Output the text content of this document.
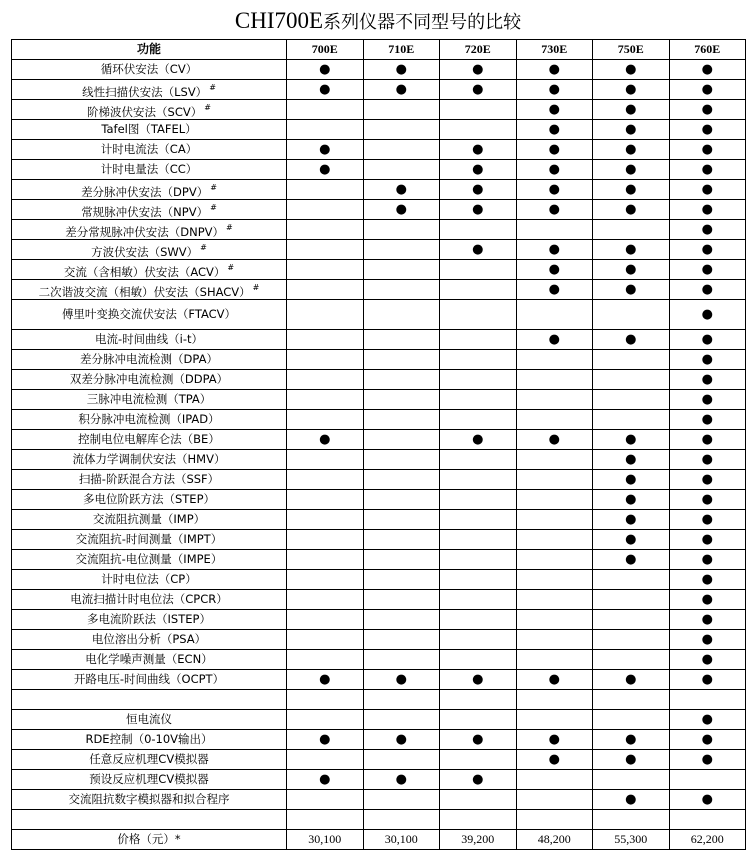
CHI700E系列仪器不同型号的比较
功能	700E	710E	720E	730E	750E	760E
循环伏安法（CV）	●	●	●	●	●	●
线性扫描伏安法（LSV） #	●	●	●	●	●	●
阶梯波伏安法（SCV） #				●	●	●
Tafel图（TAFEL）				●	●	●
计时电流法（CA）	●		●	●	●	●
计时电量法（CC）	●		●	●	●	●
差分脉冲伏安法（DPV） #		●	●	●	●	●
常规脉冲伏安法（NPV） #		●	●	●	●	●
差分常规脉冲伏安法（DNPV） #						●
方波伏安法（SWV） #			●	●	●	●
交流（含相敏）伏安法（ACV） #				●	●	●
二次谐波交流（相敏）伏安法（SHACV） #				●	●	●
傅里叶变换交流伏安法（FTACV）						●
电流-时间曲线（i-t）				●	●	●
差分脉冲电流检测（DPA）						●
双差分脉冲电流检测（DDPA）						●
三脉冲电流检测（TPA）						●
积分脉冲电流检测（IPAD）						●
控制电位电解库仑法（BE）	●		●	●	●	●
流体力学调制伏安法（HMV）					●	●
扫描-阶跃混合方法（SSF）					●	●
多电位阶跃方法（STEP）					●	●
交流阻抗测量（IMP）					●	●
交流阻抗-时间测量（IMPT）					●	●
交流阻抗-电位测量（IMPE）					●	●
计时电位法（CP）						●
电流扫描计时电位法（CPCR）						●
多电流阶跃法（ISTEP）						●
电位溶出分析（PSA）						●
电化学噪声测量（ECN）						●
开路电压-时间曲线（OCPT）	●	●	●	●	●	●

恒电流仪						●
RDE控制（0-10V输出）	●	●	●	●	●	●
任意反应机理CV模拟器				●	●	●
预设反应机理CV模拟器	●	●	●			
交流阻抗数字模拟器和拟合程序					●	●

价格（元）*	30,100	30,100	39,200	48,200	55,300	62,200
